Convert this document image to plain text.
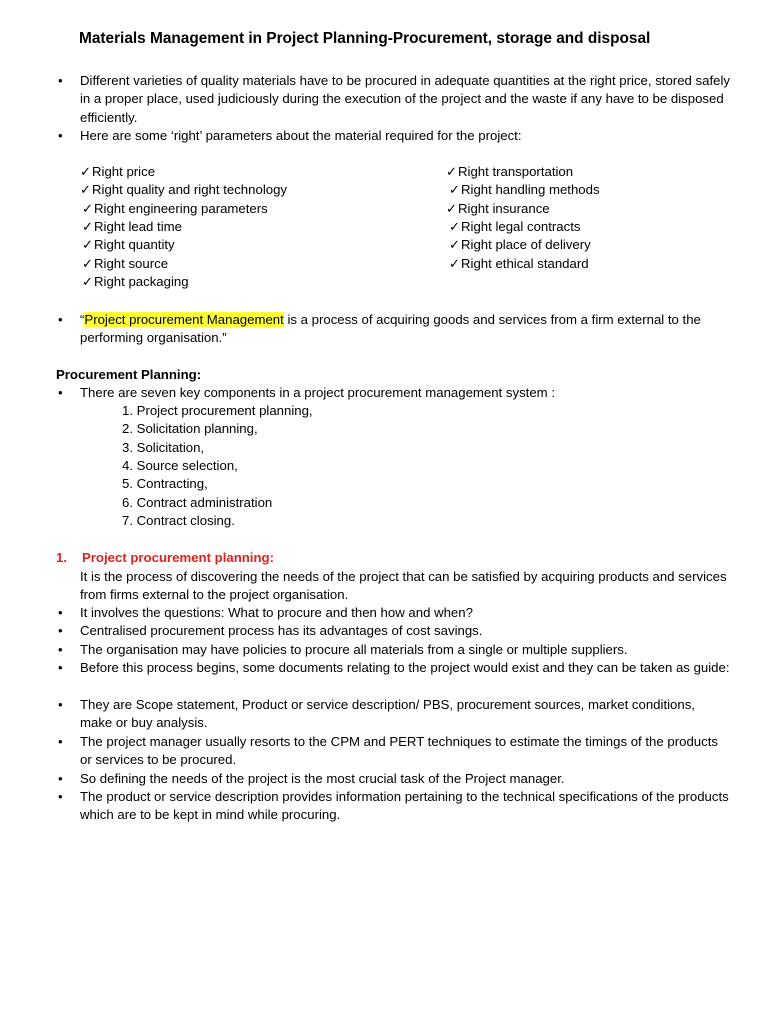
Materials Management in Project Planning-Procurement, storage and disposal
• Different varieties of quality materials have to be procured in adequate quantities at the right price, stored safely in a proper place, used judiciously during the execution of the project and the waste if any have to be disposed efficiently.
• Here are some ‘right’ parameters about the material required for the project:
✓Right price
✓Right quality and right technology
✓Right engineering parameters
✓Right lead time
✓Right quantity
✓Right source
✓Right packaging
✓Right transportation
✓Right handling methods
✓Right insurance
✓Right legal contracts
✓Right place of delivery
✓Right ethical standard
• “Project procurement Management is a process of acquiring goods and services from a firm external to the performing organisation.”
Procurement Planning:
• There are seven key components in a project procurement management system :
1. Project procurement planning,
2. Solicitation planning,
3. Solicitation,
4. Source selection,
5. Contracting,
6. Contract administration
7. Contract closing.
1. Project procurement planning:
It is the process of discovering the needs of the project that can be satisfied by acquiring products and services from firms external to the project organisation.
• It involves the questions: What to procure and then how and when?
• Centralised procurement process has its advantages of cost savings.
• The organisation may have policies to procure all materials from a single or multiple suppliers.
• Before this process begins, some documents relating to the project would exist and they can be taken as guide:
• They are Scope statement, Product or service description/ PBS, procurement sources, market conditions, make or buy analysis.
• The project manager usually resorts to the CPM and PERT techniques to estimate the timings of the products or services to be procured.
• So defining the needs of the project is the most crucial task of the Project manager.
• The product or service description provides information pertaining to the technical specifications of the products which are to be kept in mind while procuring.
